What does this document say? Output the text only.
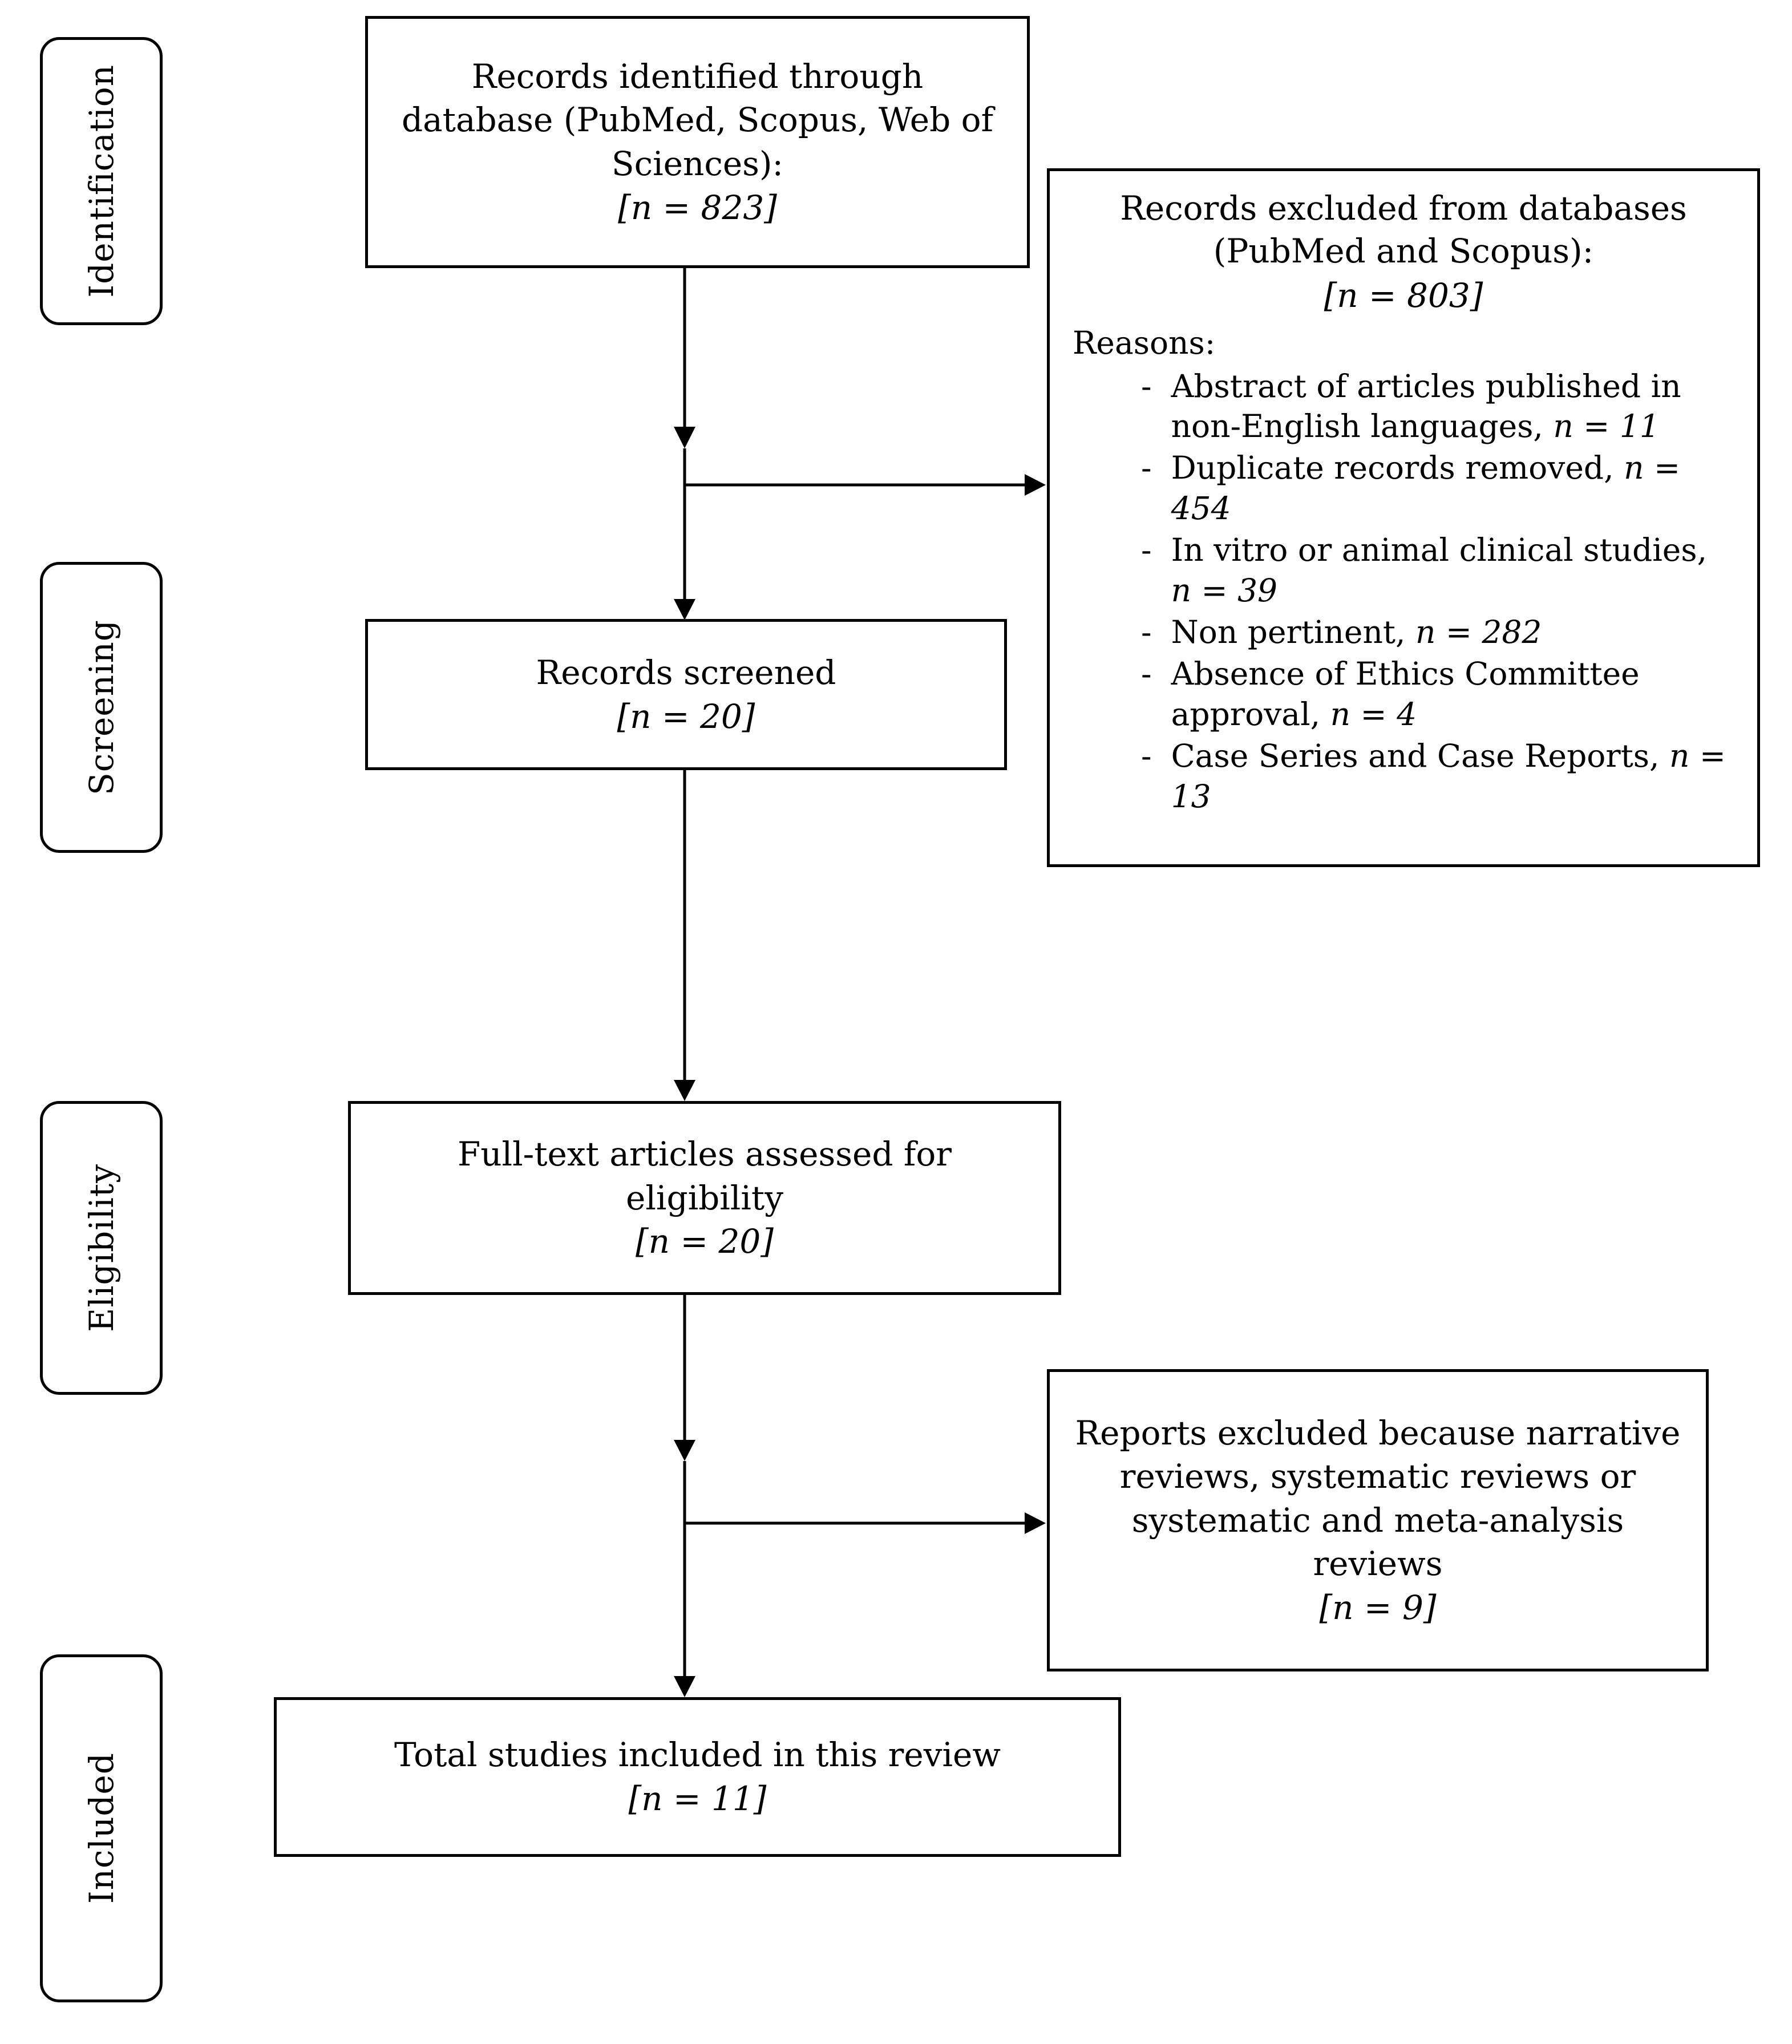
Identification
Screening
Eligibility
Included
Records identified through database (PubMed, Scopus, Web of Sciences):
[n = 823]
Records screened
[n = 20]
Full-text articles assessed for eligibility
[n = 20]
Total studies included in this review
[n = 11]
Records excluded from databases (PubMed and Scopus):
[n = 803]
Reasons:
- Abstract of articles published in non-English languages, n = 11
- Duplicate records removed, n = 454
- In vitro or animal clinical studies, n = 39
- Non pertinent, n = 282
- Absence of Ethics Committee approval, n = 4
- Case Series and Case Reports, n = 13
Reports excluded because narrative reviews, systematic reviews or systematic and meta-analysis reviews
[n = 9]
